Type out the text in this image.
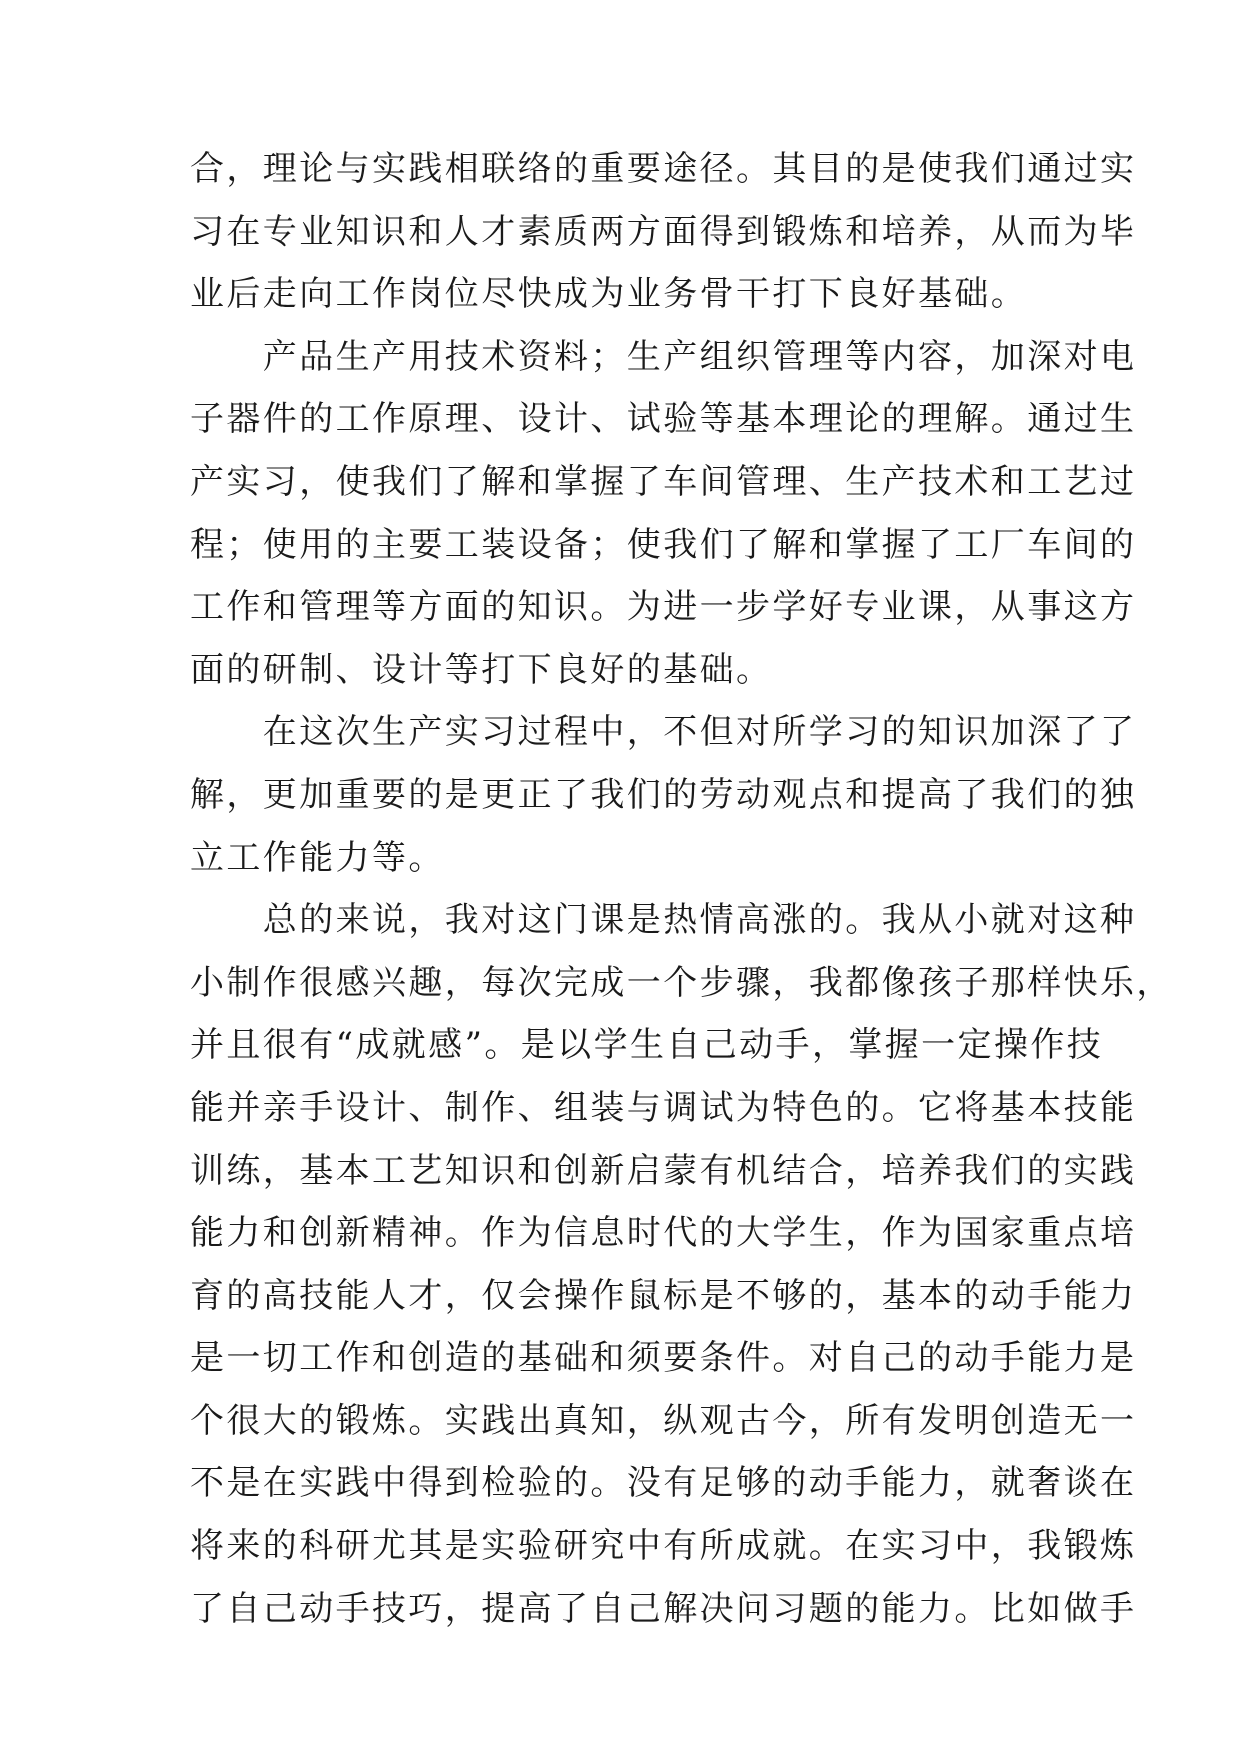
合，理论与实践相联络的重要途径。其目的是使我们通过实
习在专业知识和人才素质两方面得到锻炼和培养，从而为毕
业后走向工作岗位尽快成为业务骨干打下良好基础。

　　产品生产用技术资料；生产组织管理等内容，加深对电
子器件的工作原理、设计、试验等基本理论的理解。通过生
产实习，使我们了解和掌握了车间管理、生产技术和工艺过
程；使用的主要工装设备；使我们了解和掌握了工厂车间的
工作和管理等方面的知识。为进一步学好专业课，从事这方
面的研制、设计等打下良好的基础。

　　在这次生产实习过程中，不但对所学习的知识加深了了
解，更加重要的是更正了我们的劳动观点和提高了我们的独
立工作能力等。

　　总的来说，我对这门课是热情高涨的。我从小就对这种
小制作很感兴趣，每次完成一个步骤，我都像孩子那样快乐，
并且很有“成就感”。是以学生自己动手，掌握一定操作技
能并亲手设计、制作、组装与调试为特色的。它将基本技能
训练，基本工艺知识和创新启蒙有机结合，培养我们的实践
能力和创新精神。作为信息时代的大学生，作为国家重点培
育的高技能人才，仅会操作鼠标是不够的，基本的动手能力
是一切工作和创造的基础和须要条件。对自己的动手能力是
个很大的锻炼。实践出真知，纵观古今，所有发明创造无一
不是在实践中得到检验的。没有足够的动手能力，就奢谈在
将来的科研尤其是实验研究中有所成就。在实习中，我锻炼
了自己动手技巧，提高了自己解决问习题的能力。比如做手
